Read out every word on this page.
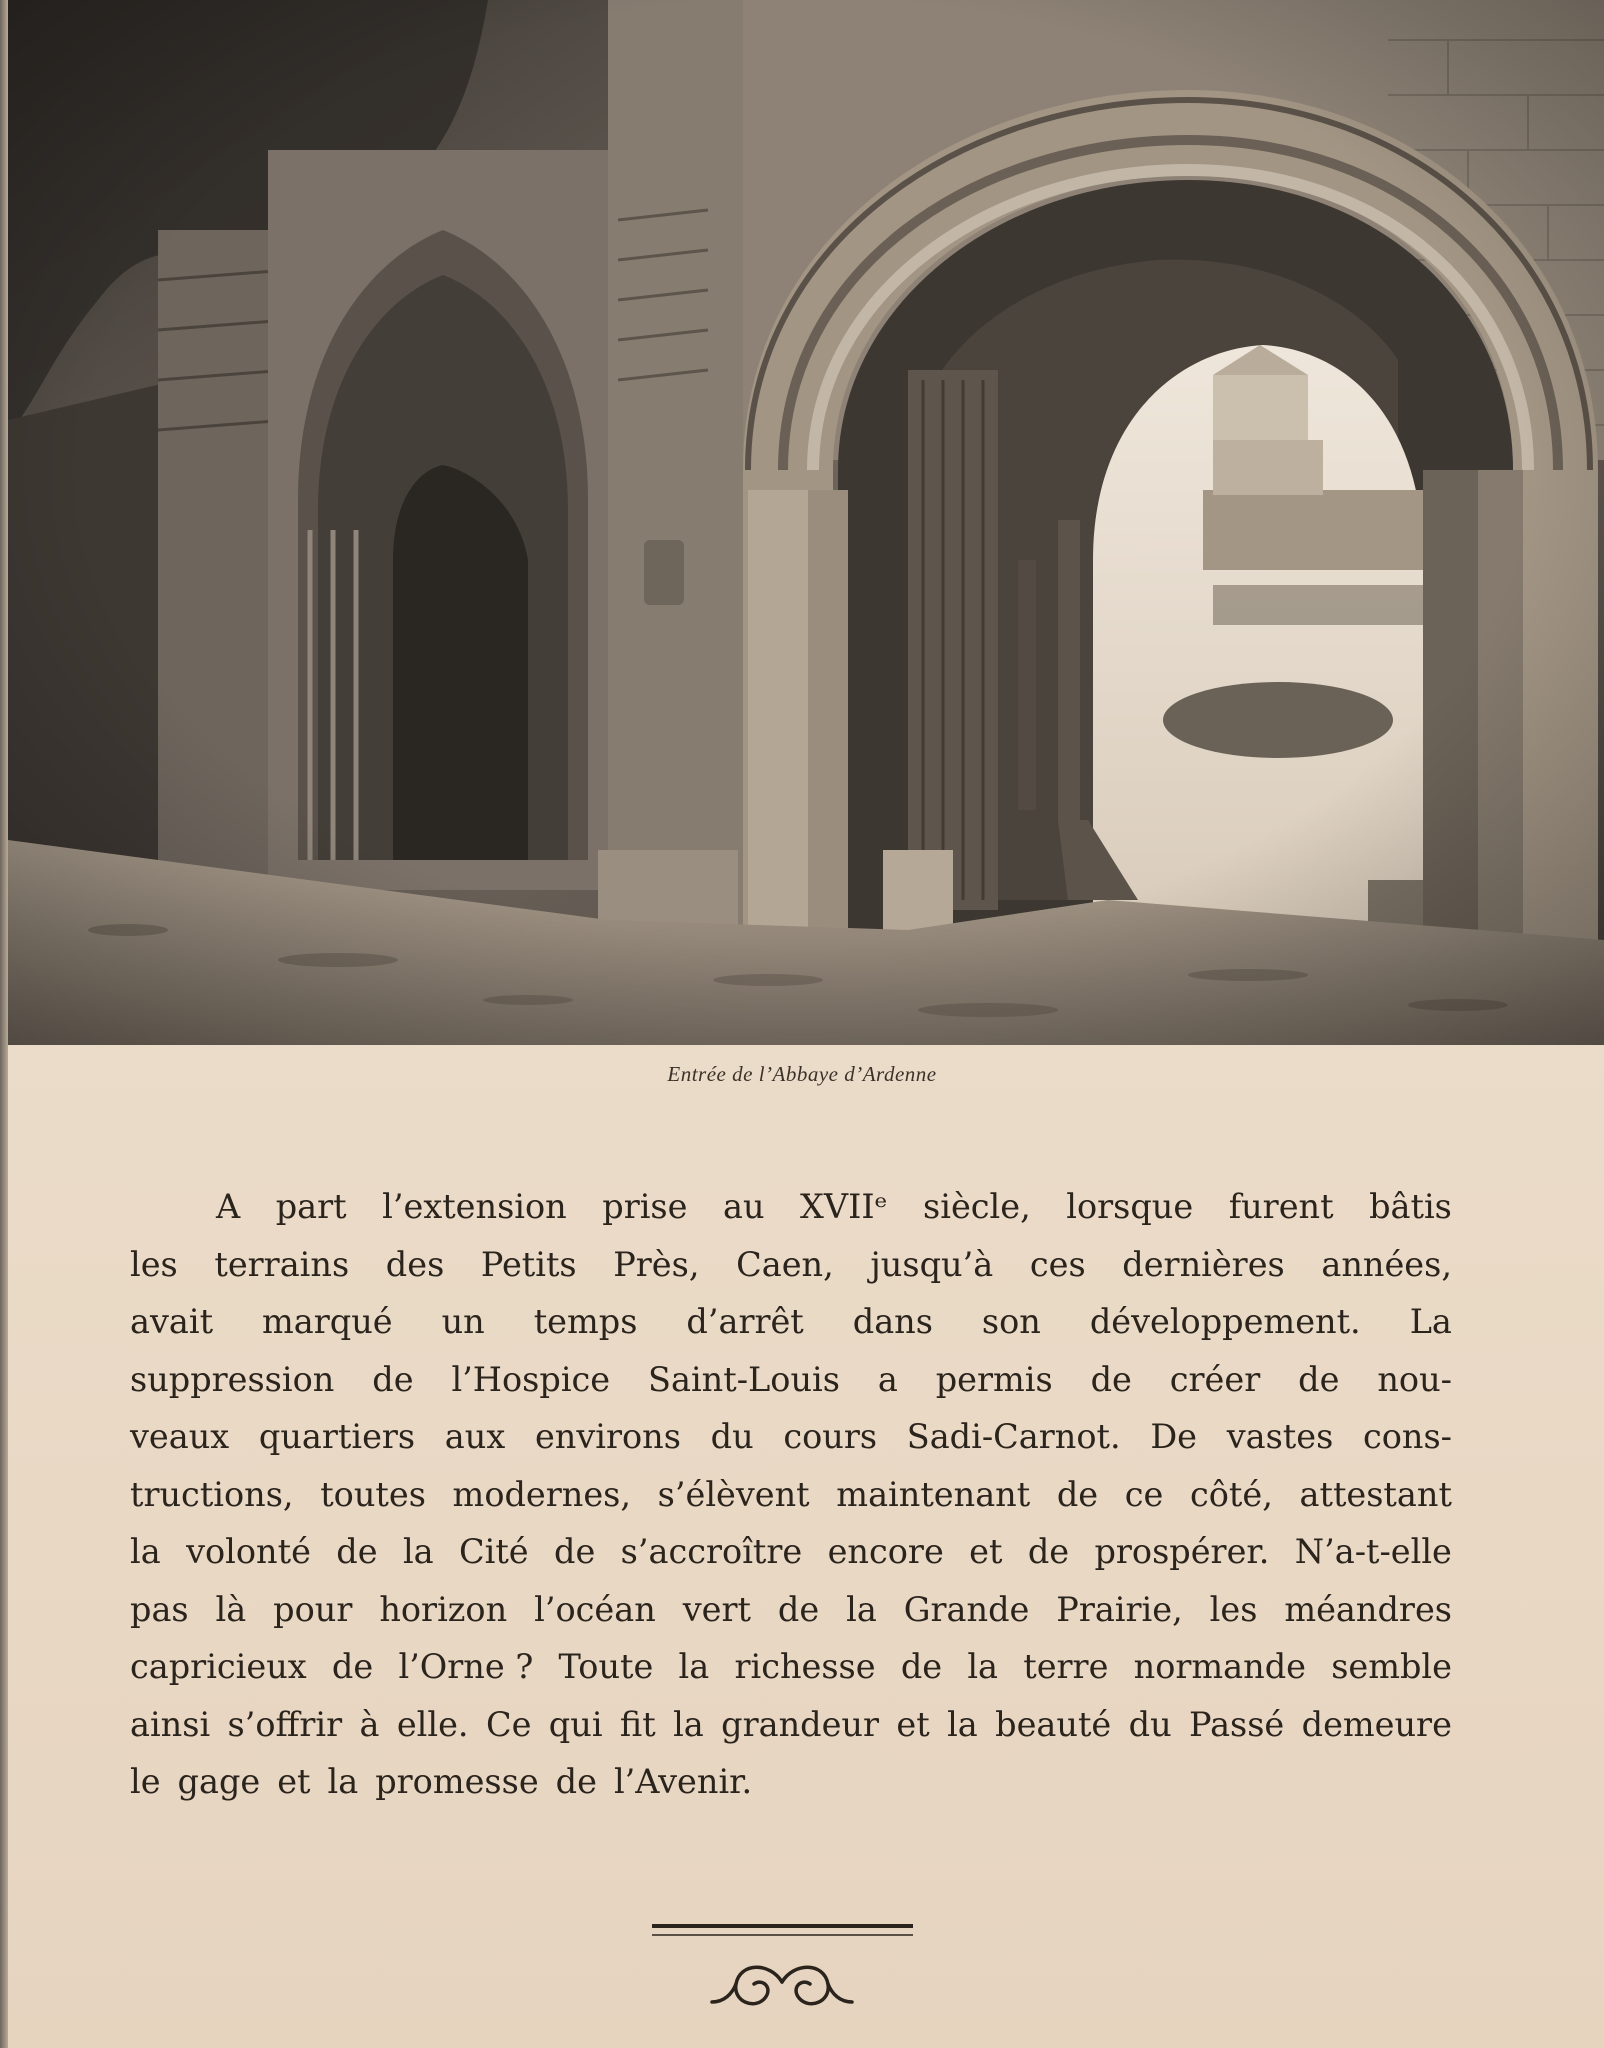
Entrée de l’Abbaye d’Ardenne
A part l’extension prise au XVIIᵉ siècle, lorsque furent bâtis
les terrains des Petits Près, Caen, jusqu’à ces dernières années,
avait marqué un temps d’arrêt dans son développement. La
suppression de l’Hospice Saint-Louis a permis de créer de nou-
veaux quartiers aux environs du cours Sadi-Carnot. De vastes cons-
tructions, toutes modernes, s’élèvent maintenant de ce côté, attestant
la volonté de la Cité de s’accroître encore et de prospérer. N’a-t-elle
pas là pour horizon l’océan vert de la Grande Prairie, les méandres
capricieux de l’Orne ? Toute la richesse de la terre normande semble
ainsi s’offrir à elle. Ce qui fit la grandeur et la beauté du Passé demeure
le gage et la promesse de l’Avenir.
